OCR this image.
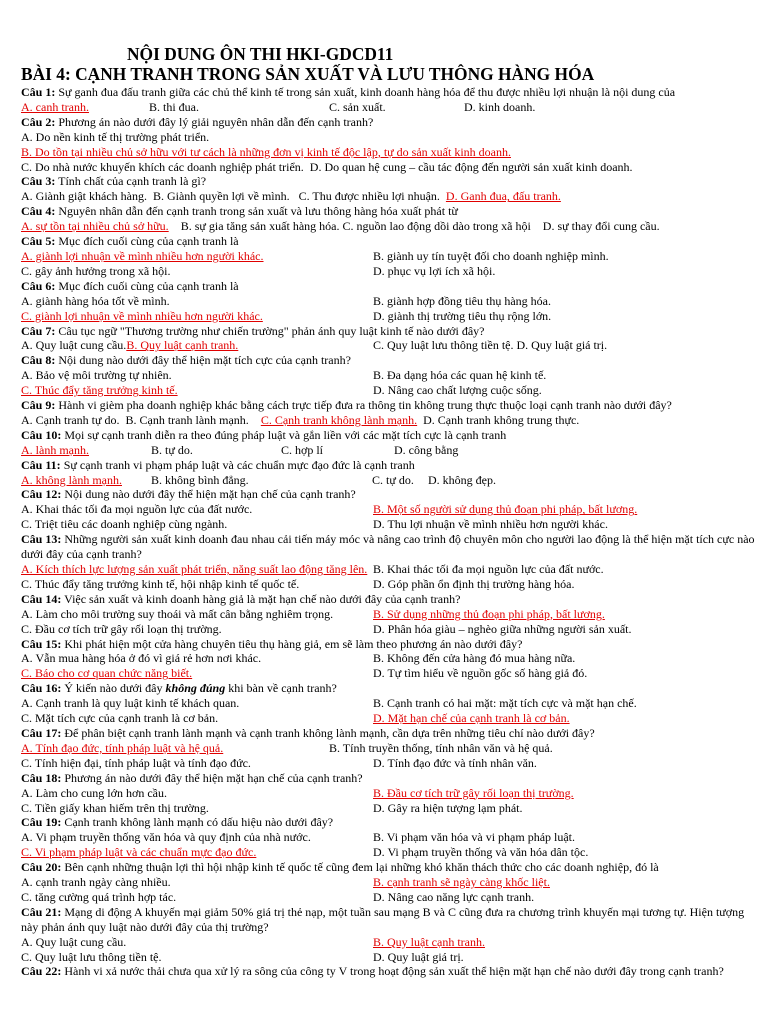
NỘI DUNG ÔN THI HKI-GDCD11
BÀI 4: CẠNH TRANH TRONG SẢN XUẤT VÀ LƯU THÔNG HÀNG HÓA
Câu 1: Sự ganh đua đấu tranh giữa các chủ thể kinh tế trong sản xuất, kinh doanh hàng hóa để thu được nhiều lợi nhuận là nội dung của
A. canh tranh.	B. thi đua.	C. sản xuất.	D. kinh doanh.
Câu 2: Phương án nào dưới đây lý giải nguyên nhân dẫn đến cạnh tranh?
A. Do nền kinh tế thị trường phát triển.
B. Do tồn tại nhiều chủ sở hữu với tư cách là những đơn vị kinh tế độc lập, tự do sản xuất kinh doanh.
C. Do nhà nước khuyến khích các doanh nghiệp phát triển.  D. Do quan hệ cung – cầu tác động đến người sản xuất kinh doanh.
Câu 3: Tính chất của cạnh tranh là gì?
A. Giành giật khách hàng.  B. Giành quyền lợi về mình.   C. Thu được nhiều lợi nhuận. D. Ganh đua, đấu tranh.
Câu 4: Nguyên nhân dẫn đến cạnh tranh trong sản xuất và lưu thông hàng hóa xuất phát từ
A. sự tồn tại nhiều chủ sở hữu. B. sự gia tăng sản xuất hàng hóa. C. nguồn lao động dồi dào trong xã hội    D. sự thay đổi cung cầu.
Câu 5: Mục đích cuối cùng của cạnh tranh là
A. giành lợi nhuận về mình nhiều hơn người khác.	B. giành uy tín tuyệt đối cho doanh nghiệp mình.
C. gây ảnh hưởng trong xã hội.	D. phục vụ lợi ích xã hội.
Câu 6: Mục đích cuối cùng của cạnh tranh là
A. giành hàng hóa tốt về mình.	B. giành hợp đồng tiêu thụ hàng hóa.
C. giành lợi nhuận về mình nhiều hơn người khác.	D. giành thị trường tiêu thụ rộng lớn.
Câu 7: Câu tục ngữ "Thương trường như chiến trường" phản ánh quy luật kinh tế nào dưới đây?
A. Quy luật cung cầu.B. Quy luật cạnh tranh.	C. Quy luật lưu thông tiền tệ. D. Quy luật giá trị.
Câu 8: Nội dung nào dưới đây thể hiện mặt tích cực của cạnh tranh?
A. Bảo vệ môi trường tự nhiên.	B. Đa dạng hóa các quan hệ kinh tế.
C. Thúc đẩy tăng trưởng kinh tế.	D. Nâng cao chất lượng cuộc sống.
Câu 9: Hành vi gièm pha doanh nghiệp khác bằng cách trực tiếp đưa ra thông tin không trung thực thuộc loại cạnh tranh nào dưới đây?
A. Cạnh tranh tự do.  B. Cạnh tranh lành mạnh. C. Cạnh tranh không lành mạnh. D. Cạnh tranh không trung thực.
Câu 10: Mọi sự cạnh tranh diễn ra theo đúng pháp luật và gắn liền với các mặt tích cực là cạnh tranh
A. lành mạnh.	B. tự do.	C. hợp lí	D. công bằng
Câu 11: Sự cạnh tranh vi phạm pháp luật và các chuẩn mực đạo đức là cạnh tranh
A. không lành mạnh.	B. không bình đẳng.	C. tự do.	D. không đẹp.
Câu 12: Nội dung nào dưới đây thể hiện mặt hạn chế của cạnh tranh?
A. Khai thác tối đa mọi nguồn lực của đất nước.	B. Một số người sử dụng thủ đoạn phi pháp, bất lương.
C. Triệt tiêu các doanh nghiệp cùng ngành.	D. Thu lợi nhuận về mình nhiều hơn người khác.
Câu 13: Những người sản xuất kinh doanh đau nhau cải tiến máy móc và nâng cao trình độ chuyên môn cho người lao động là thể hiện mặt tích cực nào dưới đây của cạnh tranh?
A. Kích thích lực lượng sản xuất phát triển, năng suất lao động tăng lên. B. Khai thác tối đa mọi nguồn lực của đất nước.
C. Thúc đẩy tăng trưởng kinh tế, hội nhập kinh tế quốc tế.	D. Góp phần ổn định thị trường hàng hóa.
Câu 14: Việc sản xuất và kinh doanh hàng giả là mặt hạn chế nào dưới đây của cạnh tranh?
A. Làm cho môi trường suy thoái và mất cân bằng nghiêm trọng.	B. Sử dụng những thủ đoạn phi pháp, bất lương.
C. Đầu cơ tích trữ gây rối loạn thị trường.	D. Phân hóa giàu – nghèo giữa những người sản xuất.
Câu 15: Khi phát hiện một cửa hàng chuyên tiêu thụ hàng giả, em sẽ làm theo phương án nào dưới đây?
A. Vẫn mua hàng hóa ở đó vì giá rẻ hơn nơi khác.	B. Không đến cửa hàng đó mua hàng nữa.
C. Báo cho cơ quan chức năng biết.	D. Tự tìm hiểu về nguồn gốc số hàng giả đó.
Câu 16: Ý kiến nào dưới đây không đúng khi bàn về cạnh tranh?
A. Cạnh tranh là quy luật kinh tế khách quan.	B. Cạnh tranh có hai mặt: mặt tích cực và mặt hạn chế.
C. Mặt tích cực của cạnh tranh là cơ bản.	D. Mặt hạn chế của cạnh tranh là cơ bản.
Câu 17: Để phân biệt cạnh tranh lành mạnh và cạnh tranh không lành mạnh, cần dựa trên những tiêu chí nào dưới đây?
A. Tính đạo đức, tính pháp luật và hệ quả.	B. Tính truyền thống, tính nhân văn và hệ quả.
C. Tính hiện đại, tính pháp luật và tính đạo đức.	D. Tính đạo đức và tính nhân văn.
Câu 18: Phương án nào dưới đây thể hiện mặt hạn chế của cạnh tranh?
A. Làm cho cung lớn hơn cầu.	B. Đầu cơ tích trữ gây rối loạn thị trường.
C. Tiền giấy khan hiếm trên thị trường.	D. Gây ra hiện tượng lạm phát.
Câu 19: Cạnh tranh không lành mạnh có dấu hiệu nào dưới đây?
A. Vi phạm truyền thống văn hóa và quy định của nhà nước.	B. Vi phạm văn hóa và vi phạm pháp luật.
C. Vi phạm pháp luật và các chuẩn mực đạo đức.	D. Vi phạm truyền thống và văn hóa dân tộc.
Câu 20: Bên cạnh những thuận lợi thì hội nhập kinh tế quốc tế cũng đem lại những khó khăn thách thức cho các doanh nghiệp, đó là
A. cạnh tranh ngày càng nhiều.	B. cạnh tranh sẽ ngày càng khốc liệt.
C. tăng cường quá trình hợp tác.	D. Nâng cao năng lực cạnh tranh.
Câu 21: Mạng di động A khuyến mại giảm 50% giá trị thẻ nạp, một tuần sau mạng B và C cũng đưa ra chương trình khuyến mại tương tự. Hiện tượng này phản ánh quy luật nào dưới đây của thị trường?
A. Quy luật cung cầu.	B. Quy luật cạnh tranh.
C. Quy luật lưu thông tiền tệ.	D. Quy luật giá trị.
Câu 22: Hành vi xả nước thải chưa qua xử lý ra sông của công ty V trong hoạt động sản xuất thể hiện mặt hạn chế nào dưới đây trong cạnh tranh?
